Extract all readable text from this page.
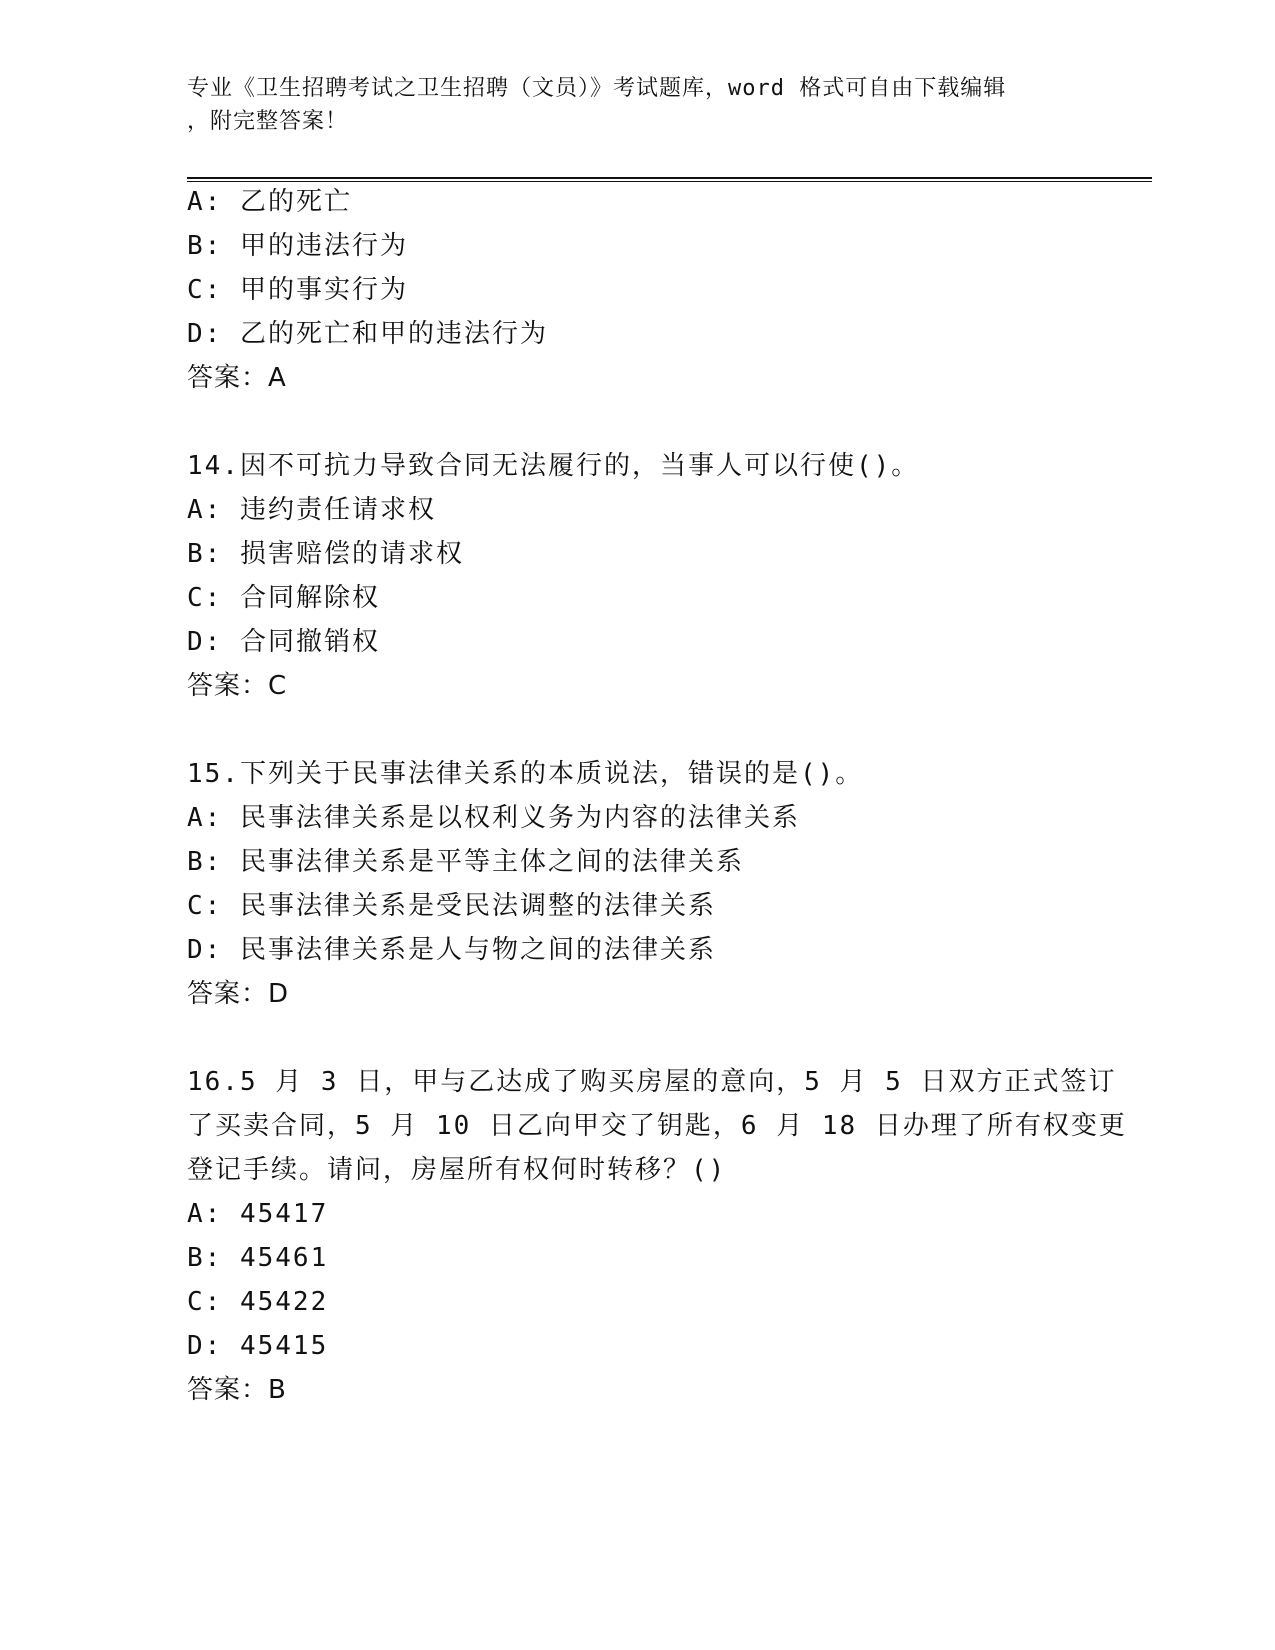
专业《卫生招聘考试之卫生招聘（文员）》考试题库，word 格式可自由下载编辑
，附完整答案！
A: 乙的死亡
B: 甲的违法行为
C: 甲的事实行为
D: 乙的死亡和甲的违法行为
答案：A
14.因不可抗力导致合同无法履行的，当事人可以行使()。
A: 违约责任请求权
B: 损害赔偿的请求权
C: 合同解除权
D: 合同撤销权
答案：C
15.下列关于民事法律关系的本质说法，错误的是()。
A: 民事法律关系是以权利义务为内容的法律关系
B: 民事法律关系是平等主体之间的法律关系
C: 民事法律关系是受民法调整的法律关系
D: 民事法律关系是人与物之间的法律关系
答案：D
16.5 月 3 日，甲与乙达成了购买房屋的意向，5 月 5 日双方正式签订
了买卖合同，5 月 10 日乙向甲交了钥匙，6 月 18 日办理了所有权变更
登记手续。请问，房屋所有权何时转移？()
A: 45417
B: 45461
C: 45422
D: 45415
答案：B
